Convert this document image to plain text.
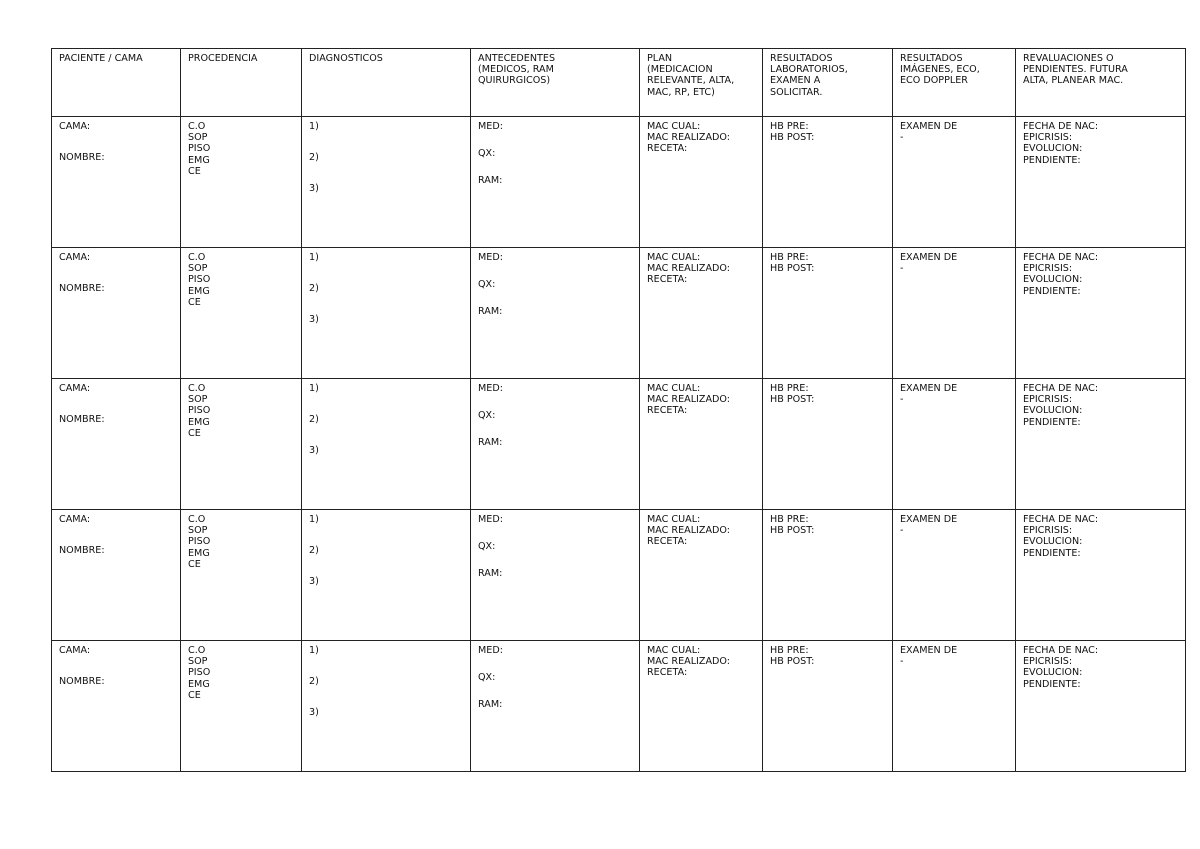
PACIENTE / CAMA	PROCEDENCIA	DIAGNOSTICOS	ANTECEDENTES
(MEDICOS, RAM
QUIRURGICOS)	PLAN
(MEDICACION
RELEVANTE, ALTA,
MAC, RP, ETC)	RESULTADOS
LABORATORIOS,
EXAMEN A
SOLICITAR.	RESULTADOS
IMÁGENES, ECO,
ECO DOPPLER	REVALUACIONES O
PENDIENTES. FUTURA
ALTA, PLANEAR MAC.

CAMA:
NOMBRE:	C.O
SOP
PISO
EMG
CE	1)
2)
3)	MED:
QX:
RAM:	MAC CUAL:
MAC REALIZADO:
RECETA:	HB PRE:
HB POST:	EXAMEN DE
-	FECHA DE NAC:
EPICRISIS:
EVOLUCION:
PENDIENTE:

CAMA:
NOMBRE:	C.O
SOP
PISO
EMG
CE	1)
2)
3)	MED:
QX:
RAM:	MAC CUAL:
MAC REALIZADO:
RECETA:	HB PRE:
HB POST:	EXAMEN DE
-	FECHA DE NAC:
EPICRISIS:
EVOLUCION:
PENDIENTE:

CAMA:
NOMBRE:	C.O
SOP
PISO
EMG
CE	1)
2)
3)	MED:
QX:
RAM:	MAC CUAL:
MAC REALIZADO:
RECETA:	HB PRE:
HB POST:	EXAMEN DE
-	FECHA DE NAC:
EPICRISIS:
EVOLUCION:
PENDIENTE:

CAMA:
NOMBRE:	C.O
SOP
PISO
EMG
CE	1)
2)
3)	MED:
QX:
RAM:	MAC CUAL:
MAC REALIZADO:
RECETA:	HB PRE:
HB POST:	EXAMEN DE
-	FECHA DE NAC:
EPICRISIS:
EVOLUCION:
PENDIENTE:

CAMA:
NOMBRE:	C.O
SOP
PISO
EMG
CE	1)
2)
3)	MED:
QX:
RAM:	MAC CUAL:
MAC REALIZADO:
RECETA:	HB PRE:
HB POST:	EXAMEN DE
-	FECHA DE NAC:
EPICRISIS:
EVOLUCION:
PENDIENTE:
